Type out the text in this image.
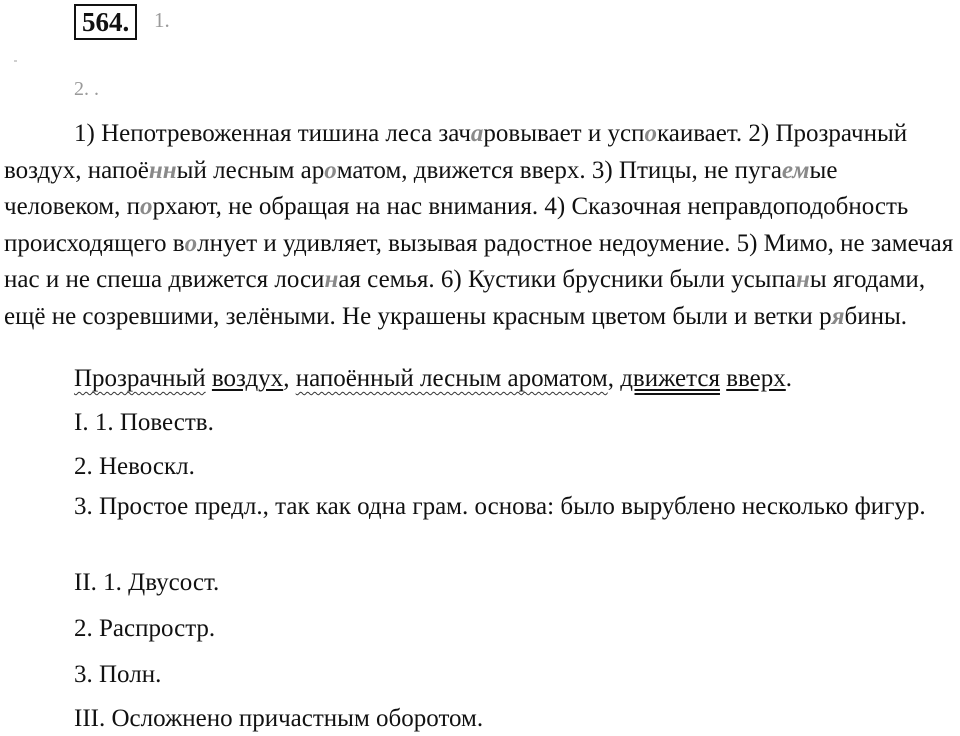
564.	1.
2. .
1) Непотревоженная тишина леса зачаровывает и успокаивает. 2) Прозрачный воздух, напоённый лесным ароматом, движется вверх. 3) Птицы, не пугаемые человеком, порхают, не обращая на нас внимания. 4) Сказочная неправдоподобность происходящего волнует и удивляет, вызывая радостное недоумение. 5) Мимо, не замечая нас и не спеша движется лосиная семья. 6) Кустики брусники были усыпаны ягодами, ещё не созревшими, зелёными. Не украшены красным цветом были и ветки рябины.
Прозрачный воздух, напоённый лесным ароматом, движется вверх.
I. 1. Повеств.
2. Невоскл.
3. Простое предл., так как одна грам. основа: было вырублено несколько фигур.
II. 1. Двусост.
2. Распростр.
3. Полн.
III. Осложнено причастным оборотом.
